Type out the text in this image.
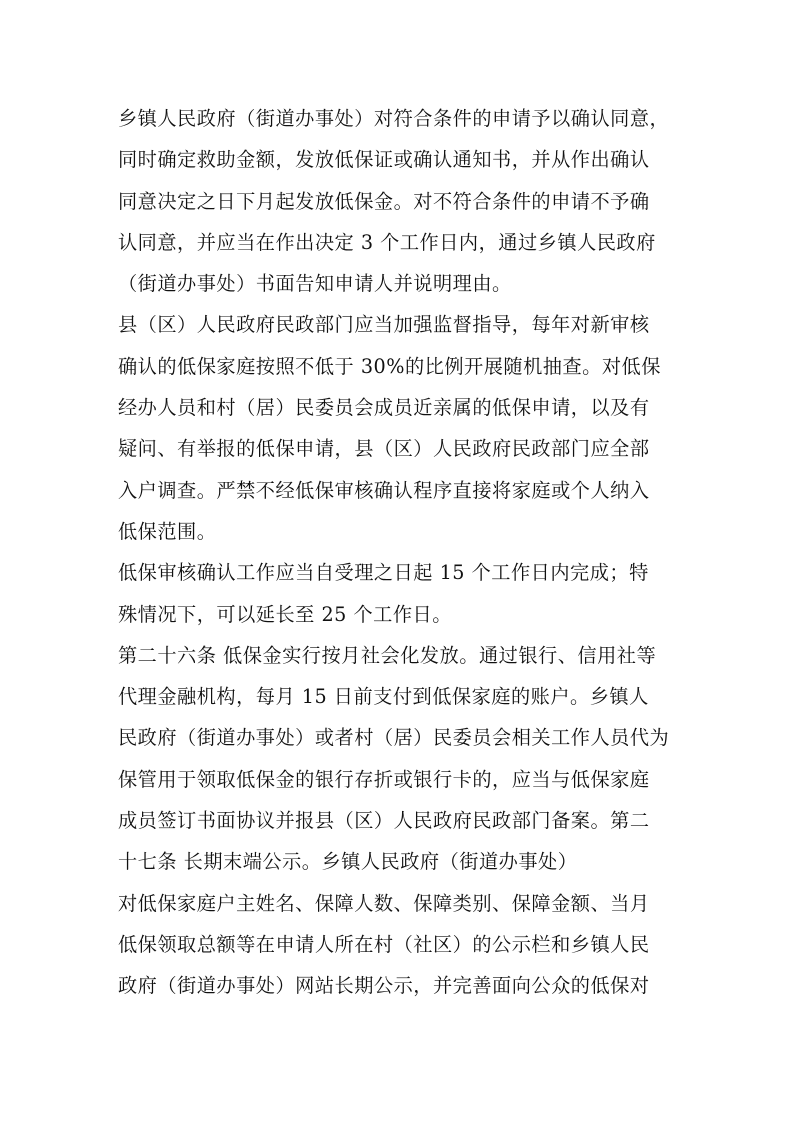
乡镇人民政府（街道办事处）对符合条件的申请予以确认同意，
同时确定救助金额，发放低保证或确认通知书，并从作出确认
同意决定之日下月起发放低保金。对不符合条件的申请不予确
认同意，并应当在作出决定 3 个工作日内，通过乡镇人民政府
（街道办事处）书面告知申请人并说明理由。
县（区）人民政府民政部门应当加强监督指导，每年对新审核
确认的低保家庭按照不低于 30%的比例开展随机抽查。对低保
经办人员和村（居）民委员会成员近亲属的低保申请，以及有
疑问、有举报的低保申请，县（区）人民政府民政部门应全部
入户调查。严禁不经低保审核确认程序直接将家庭或个人纳入
低保范围。
低保审核确认工作应当自受理之日起 15 个工作日内完成；特
殊情况下，可以延长至 25 个工作日。
第二十六条 低保金实行按月社会化发放。通过银行、信用社等
代理金融机构，每月 15 日前支付到低保家庭的账户。乡镇人
民政府（街道办事处）或者村（居）民委员会相关工作人员代为
保管用于领取低保金的银行存折或银行卡的，应当与低保家庭
成员签订书面协议并报县（区）人民政府民政部门备案。第二
十七条 长期末端公示。乡镇人民政府（街道办事处）
对低保家庭户主姓名、保障人数、保障类别、保障金额、当月
低保领取总额等在申请人所在村（社区）的公示栏和乡镇人民
政府（街道办事处）网站长期公示，并完善面向公众的低保对
